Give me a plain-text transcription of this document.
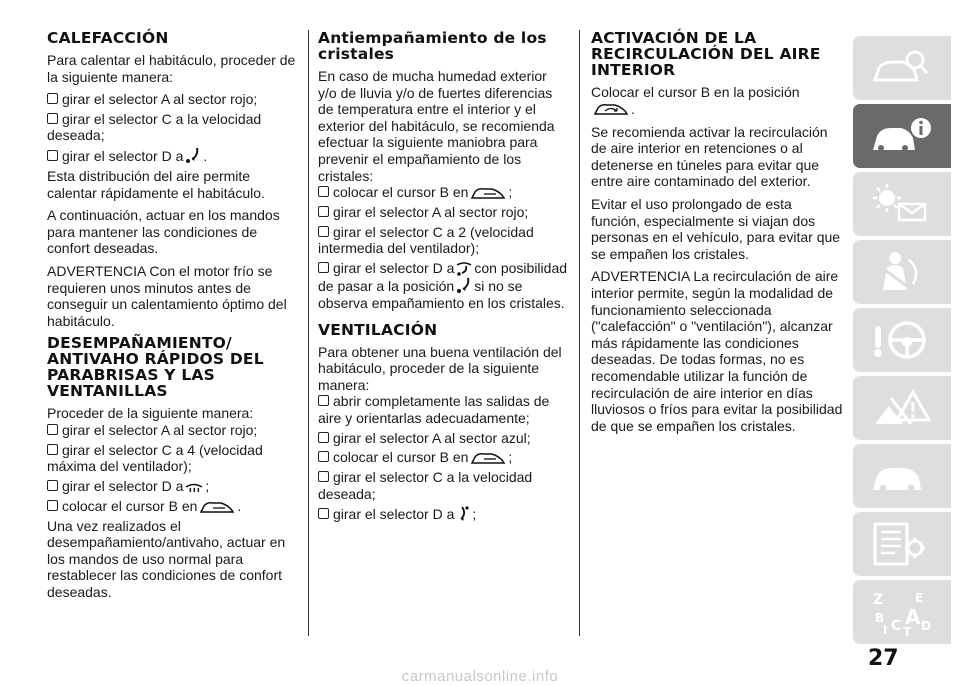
CALEFACCIÓN
Para calentar el habitáculo, proceder de la siguiente manera:
girar el selector A al sector rojo;
girar el selector C a la velocidad deseada;
girar el selector D a .
Esta distribución del aire permite calentar rápidamente el habitáculo.
A continuación, actuar en los mandos para mantener las condiciones de confort deseadas.
ADVERTENCIA Con el motor frío se requieren unos minutos antes de conseguir un calentamiento óptimo del habitáculo.
DESEMPAÑAMIENTO/ ANTIVAHO RÁPIDOS DEL PARABRISAS Y LAS VENTANILLAS
Proceder de la siguiente manera:
girar el selector A al sector rojo;
girar el selector C a 4 (velocidad máxima del ventilador);
girar el selector D a ;
colocar el cursor B en	.
Una vez realizados el desempañamiento/antivaho, actuar en los mandos de uso normal para restablecer las condiciones de confort deseadas.
Antiempañamiento de los cristales
En caso de mucha humedad exterior y/o de lluvia y/o de fuertes diferencias de temperatura entre el interior y el exterior del habitáculo, se recomienda efectuar la siguiente maniobra para prevenir el empañamiento de los cristales:
colocar el cursor B en	;
girar el selector A al sector rojo;
girar el selector C a 2 (velocidad intermedia del ventilador);
girar el selector D a con posibilidad de pasar a la posición si no se observa empañamiento en los cristales.
VENTILACIÓN
Para obtener una buena ventilación del habitáculo, proceder de la siguiente manera:
abrir completamente las salidas de aire y orientarlas adecuadamente;
girar el selector A al sector azul;
colocar el cursor B en	;
girar el selector C a la velocidad deseada;
girar el selector D a ;
ACTIVACIÓN DE LA RECIRCULACIÓN DEL AIRE INTERIOR
Colocar el cursor B en la posición

.
Se recomienda activar la recirculación de aire interior en retenciones o al detenerse en túneles para evitar que entre aire contaminado del exterior.
Evitar el uso prolongado de esta función, especialmente si viajan dos personas en el vehículo, para evitar que se empañen los cristales.
ADVERTENCIA La recirculación de aire interior permite, según la modalidad de funcionamiento seleccionada ("calefacción" o "ventilación"), alcanzar más rápidamente las condiciones deseadas. De todas formas, no es recomendable utilizar la función de recirculación de aire interior en días lluviosos o fríos para evitar la posibilidad de que se empañen los cristales.
Z	E
B A
I C T D
27
carmanualsonline.info
